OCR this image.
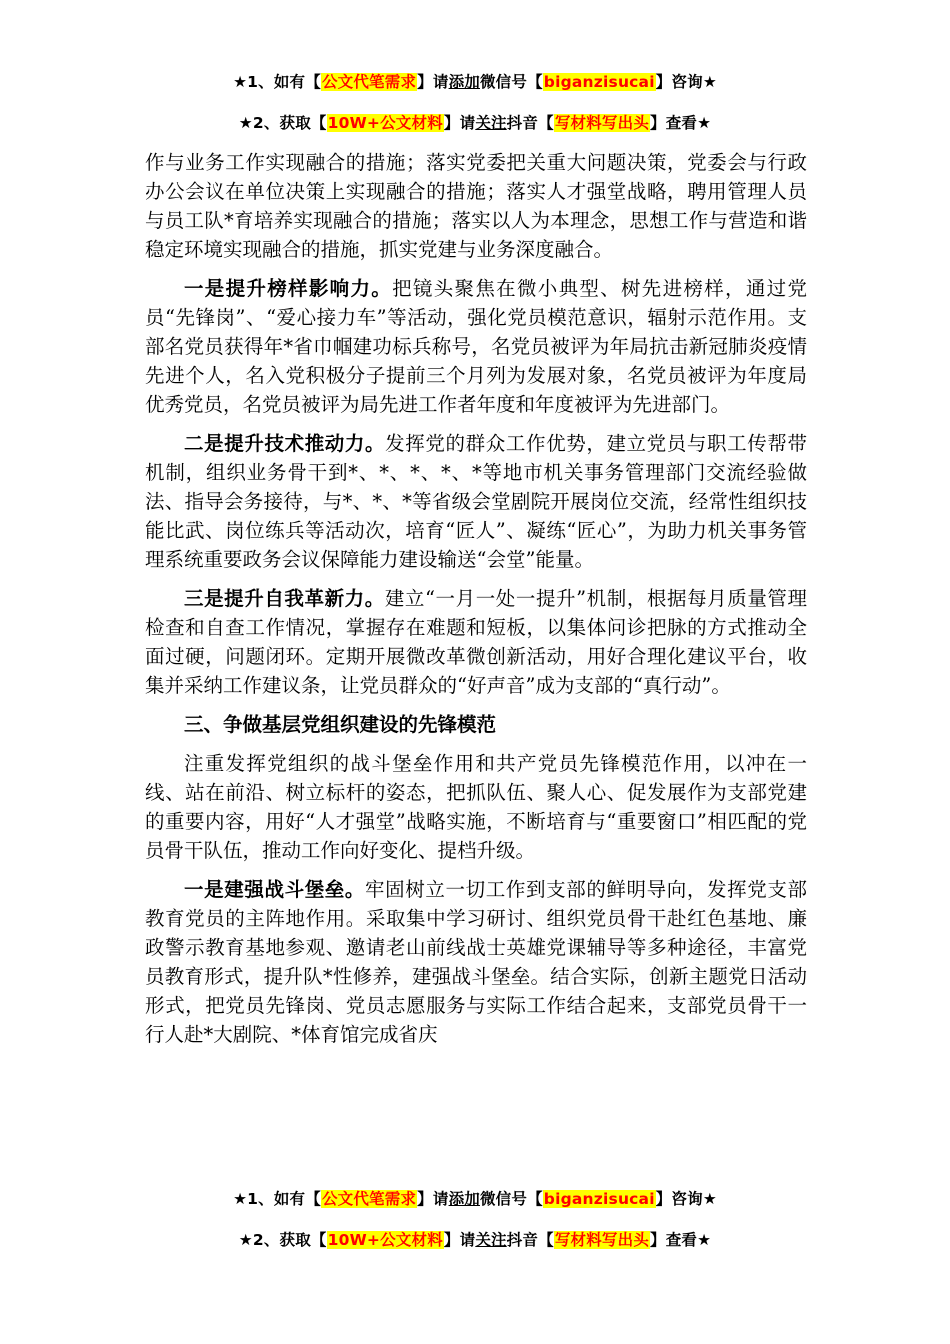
★1、如有【公文代笔需求】请添加微信号【biganzisucai】咨询★
★2、获取【10W+公文材料】请关注抖音【写材料写出头】查看★

作与业务工作实现融合的措施；落实党委把关重大问题决策，党委会与行政办公会议在单位决策上实现融合的措施；落实人才强堂战略，聘用管理人员与员工队*育培养实现融合的措施；落实以人为本理念，思想工作与营造和谐稳定环境实现融合的措施，抓实党建与业务深度融合。

一是提升榜样影响力。把镜头聚焦在微小典型、树先进榜样，通过党员“先锋岗”、“爱心接力车”等活动，强化党员模范意识，辐射示范作用。支部名党员获得年*省巾帼建功标兵称号，名党员被评为年局抗击新冠肺炎疫情先进个人，名入党积极分子提前三个月列为发展对象，名党员被评为年度局优秀党员，名党员被评为局先进工作者年度和年度被评为先进部门。

二是提升技术推动力。发挥党的群众工作优势，建立党员与职工传帮带机制，组织业务骨干到*、*、*、*、*等地市机关事务管理部门交流经验做法、指导会务接待，与*、*、*等省级会堂剧院开展岗位交流，经常性组织技能比武、岗位练兵等活动次，培育“匠人”、凝练“匠心”，为助力机关事务管理系统重要政务会议保障能力建设输送“会堂”能量。

三是提升自我革新力。建立“一月一处一提升”机制，根据每月质量管理检查和自查工作情况，掌握存在难题和短板，以集体问诊把脉的方式推动全面过硬，问题闭环。定期开展微改革微创新活动，用好合理化建议平台，收集并采纳工作建议条，让党员群众的“好声音”成为支部的“真行动”。

三、争做基层党组织建设的先锋模范

注重发挥党组织的战斗堡垒作用和共产党员先锋模范作用，以冲在一线、站在前沿、树立标杆的姿态，把抓队伍、聚人心、促发展作为支部党建的重要内容，用好“人才强堂”战略实施，不断培育与“重要窗口”相匹配的党员骨干队伍，推动工作向好变化、提档升级。

一是建强战斗堡垒。牢固树立一切工作到支部的鲜明导向，发挥党支部教育党员的主阵地作用。采取集中学习研讨、组织党员骨干赴红色基地、廉政警示教育基地参观、邀请老山前线战士英雄党课辅导等多种途径，丰富党员教育形式，提升队*性修养，建强战斗堡垒。结合实际，创新主题党日活动形式，把党员先锋岗、党员志愿服务与实际工作结合起来，支部党员骨干一行人赴*大剧院、*体育馆完成省庆

★1、如有【公文代笔需求】请添加微信号【biganzisucai】咨询★
★2、获取【10W+公文材料】请关注抖音【写材料写出头】查看★
